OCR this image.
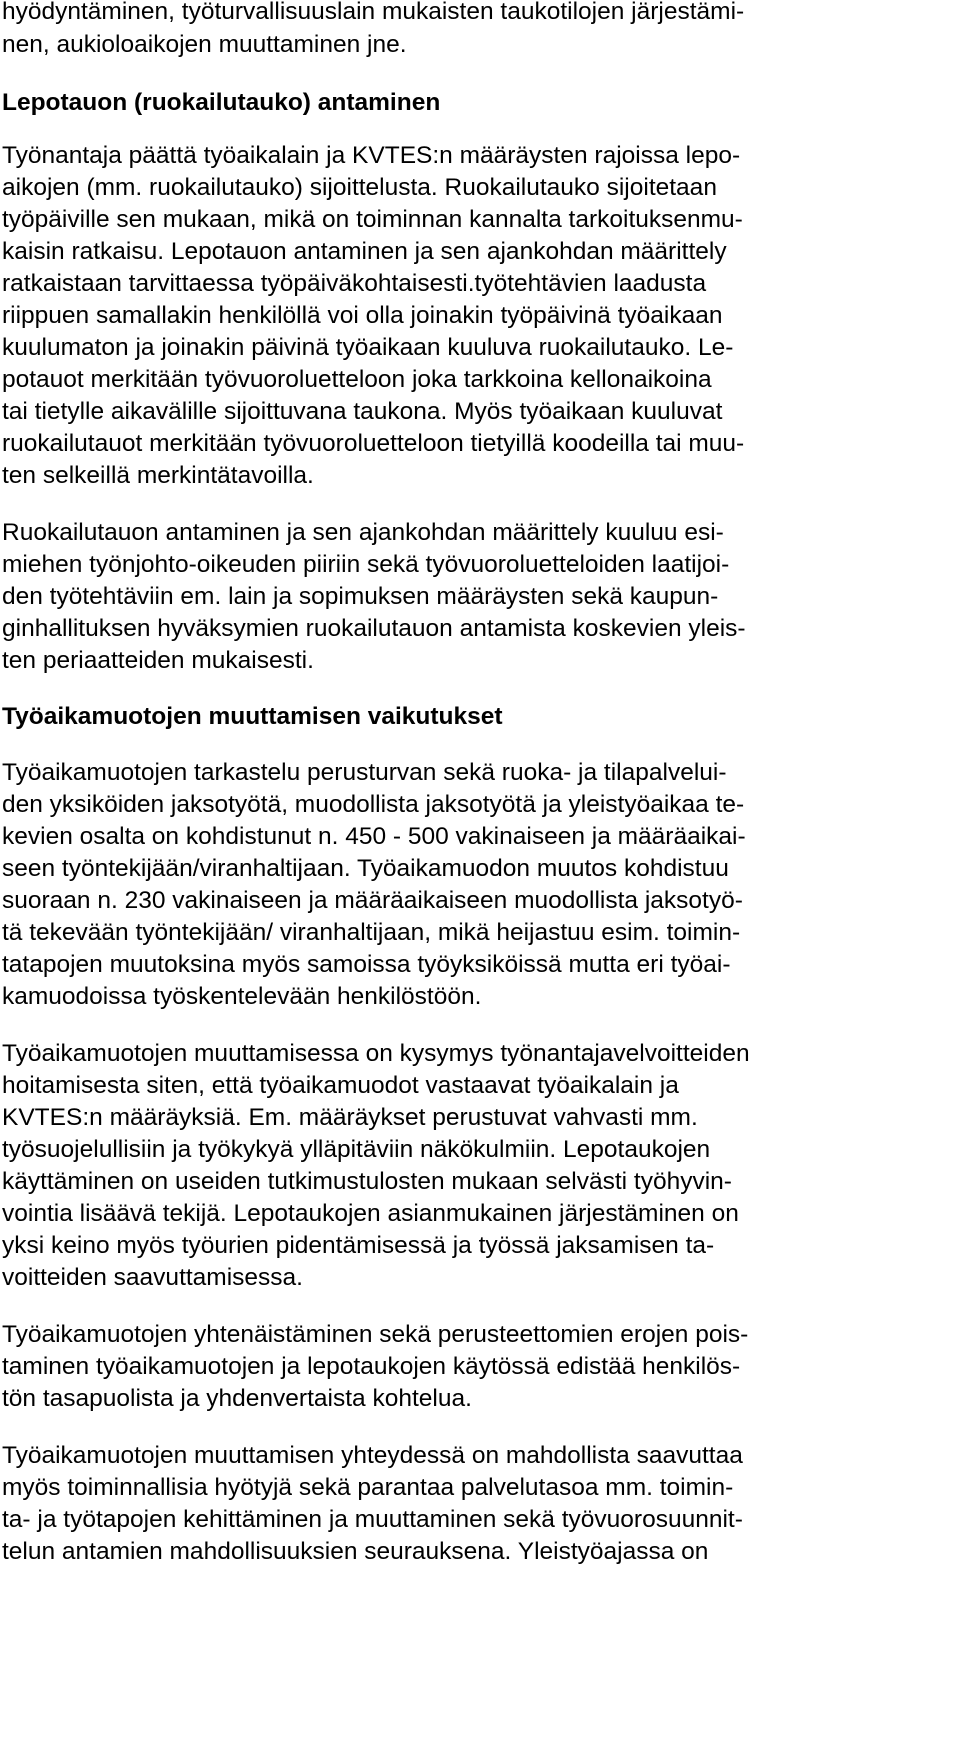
hyödyntäminen, työturvallisuuslain mukaisten taukotilojen järjestämi-

nen, aukioloaikojen muuttaminen jne.

Lepotauon (ruokailutauko) antaminen

Työnantaja päättä työaikalain ja KVTES:n määräysten rajoissa lepo-

aikojen (mm. ruokailutauko) sijoittelusta. Ruokailutauko sijoitetaan

työpäiville sen mukaan, mikä on toiminnan kannalta tarkoituksenmu-

kaisin ratkaisu. Lepotauon antaminen ja sen ajankohdan määrittely

ratkaistaan tarvittaessa työpäiväkohtaisesti.työtehtävien laadusta

riippuen samallakin henkilöllä voi olla joinakin työpäivinä työaikaan

kuulumaton ja joinakin päivinä työaikaan kuuluva ruokailutauko. Le-

potauot merkitään työvuoroluetteloon joka tarkkoina kellonaikoina

tai tietylle aikavälille sijoittuvana taukona. Myös työaikaan kuuluvat

ruokailutauot merkitään työvuoroluetteloon tietyillä koodeilla tai muu-

ten selkeillä merkintätavoilla.

Ruokailutauon antaminen ja sen ajankohdan määrittely kuuluu esi-

miehen työnjohto-oikeuden piiriin sekä työvuoroluetteloiden laatijoi-

den työtehtäviin em. lain ja sopimuksen määräysten sekä kaupun-

ginhallituksen hyväksymien ruokailutauon antamista koskevien yleis-

ten periaatteiden mukaisesti.

Työaikamuotojen muuttamisen vaikutukset

Työaikamuotojen tarkastelu perusturvan sekä ruoka- ja tilapalvelui-

den yksiköiden jaksotyötä, muodollista jaksotyötä ja yleistyöaikaa te-

kevien osalta on kohdistunut n. 450 - 500 vakinaiseen ja määräaikai-

seen työntekijään/viranhaltijaan. Työaikamuodon muutos kohdistuu

suoraan n. 230 vakinaiseen ja määräaikaiseen muodollista jaksotyö-

tä tekevään työntekijään/ viranhaltijaan, mikä heijastuu esim. toimin-

tatapojen muutoksina myös samoissa työyksiköissä mutta eri työai-

kamuodoissa työskentelevään henkilöstöön.

Työaikamuotojen muuttamisessa on kysymys työnantajavelvoitteiden

hoitamisesta siten, että työaikamuodot vastaavat työaikalain ja

KVTES:n määräyksiä. Em. määräykset perustuvat vahvasti mm.

työsuojelullisiin ja työkykyä ylläpitäviin näkökulmiin. Lepotaukojen

käyttäminen on useiden tutkimustulosten mukaan selvästi työhyvin-

vointia lisäävä tekijä. Lepotaukojen asianmukainen järjestäminen on

yksi keino myös työurien pidentämisessä ja työssä jaksamisen ta-

voitteiden saavuttamisessa.

Työaikamuotojen yhtenäistäminen sekä perusteettomien erojen pois-

taminen työaikamuotojen ja lepotaukojen käytössä edistää henkilös-

tön tasapuolista ja yhdenvertaista kohtelua.

Työaikamuotojen muuttamisen yhteydessä on mahdollista saavuttaa

myös toiminnallisia hyötyjä sekä parantaa palvelutasoa mm. toimin-

ta- ja työtapojen kehittäminen ja muuttaminen sekä työvuorosuunnit-

telun antamien mahdollisuuksien seurauksena. Yleistyöajassa on
